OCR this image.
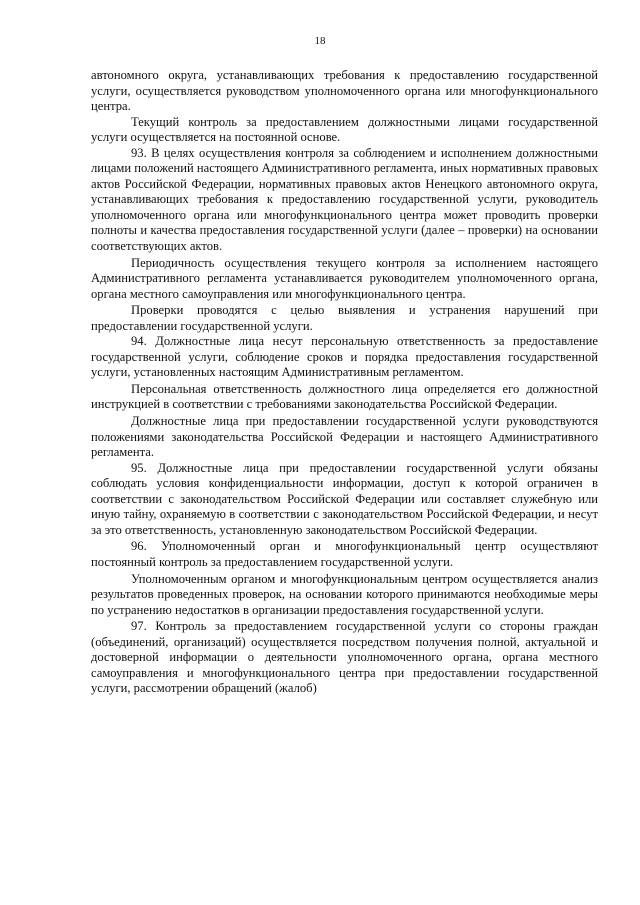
18

автономного округа, устанавливающих требования к предоставлению государственной услуги, осуществляется руководством уполномоченного органа или многофункционального центра.

Текущий контроль за предоставлением должностными лицами государственной услуги осуществляется на постоянной основе.

93. В целях осуществления контроля за соблюдением и исполнением должностными лицами положений настоящего Административного регламента, иных нормативных правовых актов Российской Федерации, нормативных правовых актов Ненецкого автономного округа, устанавливающих требования к предоставлению государственной услуги, руководитель уполномоченного органа или многофункционального центра может проводить проверки полноты и качества предоставления государственной услуги (далее – проверки) на основании соответствующих актов.

Периодичность осуществления текущего контроля за исполнением настоящего Административного регламента устанавливается руководителем уполномоченного органа, органа местного самоуправления или многофункционального центра.

Проверки проводятся с целью выявления и устранения нарушений при предоставлении государственной услуги.

94. Должностные лица несут персональную ответственность за предоставление государственной услуги, соблюдение сроков и порядка предоставления государственной услуги, установленных настоящим Административным регламентом.

Персональная ответственность должностного лица определяется его должностной инструкцией в соответствии с требованиями законодательства Российской Федерации.

Должностные лица при предоставлении государственной услуги руководствуются положениями законодательства Российской Федерации и настоящего Административного регламента.

95. Должностные лица при предоставлении государственной услуги обязаны соблюдать условия конфиденциальности информации, доступ к которой ограничен в соответствии с законодательством Российской Федерации или составляет служебную или иную тайну, охраняемую в соответствии с законодательством Российской Федерации, и несут за это ответственность, установленную законодательством Российской Федерации.

96. Уполномоченный орган и многофункциональный центр осуществляют постоянный контроль за предоставлением государственной услуги.

Уполномоченным органом и многофункциональным центром осуществляется анализ результатов проведенных проверок, на основании которого принимаются необходимые меры по устранению недостатков в организации предоставления государственной услуги.

97. Контроль за предоставлением государственной услуги со стороны граждан (объединений, организаций) осуществляется посредством получения полной, актуальной и достоверной информации о деятельности уполномоченного органа, органа местного самоуправления и многофункционального центра при предоставлении государственной услуги, рассмотрении обращений (жалоб)
